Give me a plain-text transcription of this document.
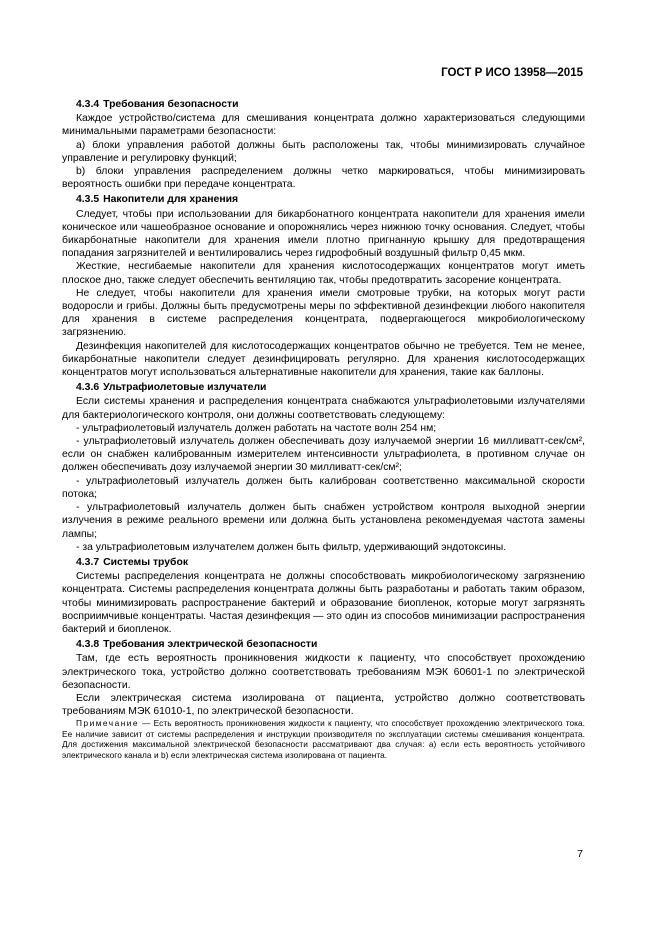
ГОСТ Р ИСО 13958—2015
4.3.4 Требования безопасности

Каждое устройство/система для смешивания концентрата должно характеризоваться следующими минимальными параметрами безопасности:

a) блоки управления работой должны быть расположены так, чтобы минимизировать случайное управление и регулировку функций;

b) блоки управления распределением должны четко маркироваться, чтобы минимизировать вероятность ошибки при передаче концентрата.

4.3.5 Накопители для хранения

Следует, чтобы при использовании для бикарбонатного концентрата накопители для хранения имели коническое или чашеобразное основание и опорожнялись через нижнюю точку основания. Следует, чтобы бикарбонатные накопители для хранения имели плотно пригнанную крышку для предотвращения попадания загрязнителей и вентилировались через гидрофобный воздушный фильтр 0,45 мкм.

Жесткие, несгибаемые накопители для хранения кислотосодержащих концентратов могут иметь плоское дно, также следует обеспечить вентиляцию так, чтобы предотвратить засорение концентрата.

Не следует, чтобы накопители для хранения имели смотровые трубки, на которых могут расти водоросли и грибы. Должны быть предусмотрены меры по эффективной дезинфекции любого накопителя для хранения в системе распределения концентрата, подвергающегося микробиологическому загрязнению.

Дезинфекция накопителей для кислотосодержащих концентратов обычно не требуется. Тем не менее, бикарбонатные накопители следует дезинфицировать регулярно. Для хранения кислотосодержащих концентратов могут использоваться альтернативные накопители для хранения, такие как баллоны.

4.3.6 Ультрафиолетовые излучатели

Если системы хранения и распределения концентрата снабжаются ультрафиолетовыми излучателями для бактериологического контроля, они должны соответствовать следующему:

- ультрафиолетовый излучатель должен работать на частоте волн 254 нм;

- ультрафиолетовый излучатель должен обеспечивать дозу излучаемой энергии 16 милливатт-сек/см², если он снабжен калиброванным измерителем интенсивности ультрафиолета, в противном случае он должен обеспечивать дозу излучаемой энергии 30 милливатт-сек/см²;

- ультрафиолетовый излучатель должен быть калиброван соответственно максимальной скорости потока;

- ультрафиолетовый излучатель должен быть снабжен устройством контроля выходной энергии излучения в режиме реального времени или должна быть установлена рекомендуемая частота замены лампы;

- за ультрафиолетовым излучателем должен быть фильтр, удерживающий эндотоксины.

4.3.7 Системы трубок

Системы распределения концентрата не должны способствовать микробиологическому загрязнению концентрата. Системы распределения концентрата должны быть разработаны и работать таким образом, чтобы минимизировать распространение бактерий и образование биопленок, которые могут загрязнять восприимчивые концентраты. Частая дезинфекция — это один из способов минимизации распространения бактерий и биопленок.

4.3.8 Требования электрической безопасности

Там, где есть вероятность проникновения жидкости к пациенту, что способствует прохождению электрического тока, устройство должно соответствовать требованиям МЭК 60601-1 по электрической безопасности.

Если электрическая система изолирована от пациента, устройство должно соответствовать требованиям МЭК 61010-1, по электрической безопасности.

Примечание — Есть вероятность проникновения жидкости к пациенту, что способствует прохождению электрического тока. Ее наличие зависит от системы распределения и инструкции производителя по эксплуатации системы смешивания концентрата. Для достижения максимальной электрической безопасности рассматривают два случая: a) если есть вероятность устойчивого электрического канала и b) если электрическая система изолирована от пациента.

7
